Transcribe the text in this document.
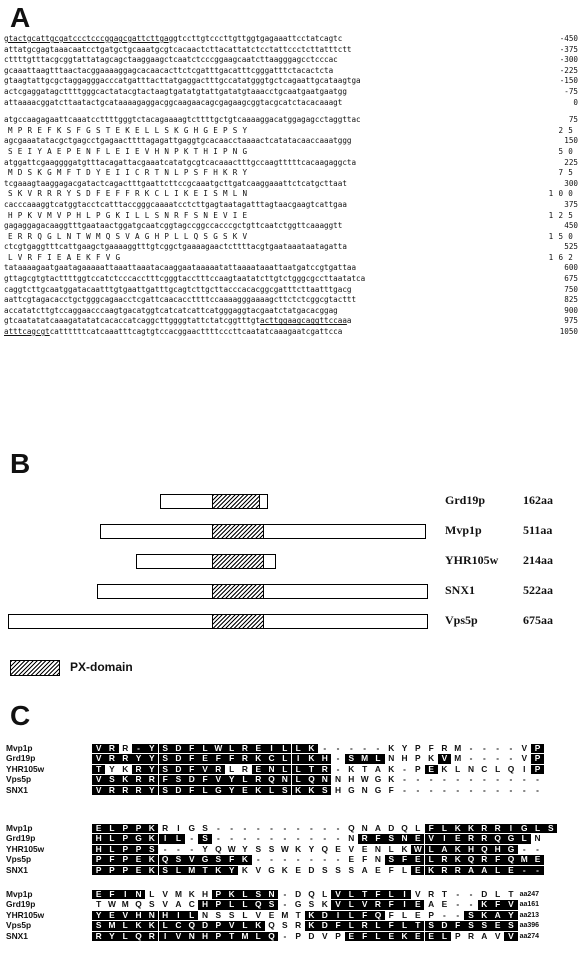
A
gtactgcattgcgatccctcccggagcgattcttgaggtccttgtcccttgttggtgagaaattcctatcagtc	-450
attatgcgagtaaacaatcctgatgctgcaaatgcgtcacaactcttacattatctcctattccctcttatttctt	-375
cttttgtttacgcggtattatagcagctaaggaagctcaatctcccggaagcaatcttaagggagcctcccac	-300
gcaaattaagtttaactacggaaaaggagcacaacacttctcgatttgacatttcgggatttctacactcta	-225
gtaagtattgcgctaggagggacccatgatttacttatgaggactttgccatatgggtgctcagaattgcataagtga	-150
actcgaggatagcttttgggcactatacgtactaagtgatatgtattgatatgtaaacctgcaatgaatgaatgg	-75
attaaaacggatcttaatactgcataaaagaggacggcaagaacagcgagaagcggtacgcatctacacaaagt	0
atgccaagagaattcaaatccttttgggtctacagaaaagtcttttgctgtcaaaaggacatggagagcctaggttac	75
MPREFKSFGSTEKELLSKGHGEPSY	25
agcgaaatatacgctgagcctgagaacttttagagattgaggtgcacaacctaaaactcatatacaaccaaatggg	150
SEIYAEPENFLEIEVHNPKTHIPNG	50
atggattcgaaggggatgtttacagattacgaaatcatatgcgtcacaaactttgccaagtttttcacaagaggcta	225
MDSKGMFTDYEIICRTNLPSFHKRY	75
tcgaaagtaaggagacgatactcagactttgaattcttccgcaaatgcttgatcaaggaaattctcatgcttaat	300
SKVRRRYSDFEFFRKCLIKEISMLN	100
cacccaaaggtcatggtacctcatttaccgggcaaaatcctcttgagtaatagatttagtaacgaagtcattgaa	375
HPKVMVPHLPGKILLSNRFSNEVIE	125
gagaggagacaaggtttgaataactggatgcaatcggtagccggccacccgctgttcaatctggttcaaaggtt	450
ERRQGLNTWMQSVAGHPLLQSGSKV	150
ctcgtgaggtttcattgaagctgaaaaggtttgtcggctgaaaagaactcttttacgtgaataaataatagatta	525
LVRFIEAEKFVG	162
tataaaagaatgaatagaaaaattaaattaaatacaaggaataaaaatattaaaataaattaatgatccgtgattaa	600
gttagcgtgtacttttggtccatctcccacctttcgggtacctttccaagtaatatcttgtctgggcgccttaatatca	675
caggtcttgcaatggatacaatttgtgaattgatttgcagtcttgcttacccacacggcgatttcttaatttgacg	750
aattcgtagacacctgctgggcagaacctcgattcaacaccttttccaaaagggaaaagcttctctcggcgtacttt	825
accatatcttgtccaggaacccaagtgacatggtcatcatcattcatgggaggtacgaatctatgacacggag	900
gtcaatatatcaaagatatatcacaccatcaggcttggggtattctatcggtttgtacttggaagcaggttccaaa	975
atttcagcgtcattttttcatcaaatttcagtgtccacggaacttttcccttcaatatcaaagaatcgattcca	1050
B
PX-domain
C
Grd19p	162aa
Mvp1p	511aa
YHR105w 214aa
SNX1	522aa
Vps5p	675aa
Mvp1p	V R R	-	Y S D F L W L R E	I	L L K	-	-	-	-	-	K Y P F R M	-	-	-	-	V P
Grd19p	V R R Y Y S D F E F F R K C L	I	K H	-	S M L N H P K V M	-	-	-	-	V P
YHR105w	T Y K R Y S D F V R L R E N L L T R	-	K T A K	-	P E K L N C L Q	I	P
Vps5p	V S K R R F S D F V Y L R Q N L Q N N H W G K	-	-	-	-	-	-	-	-	-	-	-
SNX1	V R R R Y S D F L G Y E K L S K K S H G N G F	-	-	-	-	-	-	-	-	-	-	-
Mvp1p	E L P P K R	I	G S	-	-	-	-	-	-	-	-	-	-	Q N A D Q L F L K K R R	I	G L S
Grd19p	H L P G K	I	L	-	S	-	-	-	-	-	-	-	-	-	-	N R F S N E V	I	E R R Q G L N
YHR105w	H L P P S	-	-	-	Y Q W Y S S W K Y Q E V E N L K W L A K H Q H G	-	-
Vps5p	P F P E K Q S V G S F K	-	-	-	-	-	-	-	E F N S F E L R K Q R F Q M E
SNX1	P P P E K S L M T K Y K V G K E D S S S A E F L E K R R A A L E	-	-
Mvp1p	E F	I	N L V M K H P K L S N	-	D Q L V L T F L	I	V R T	-	-	D L T aa247
Grd19p	T W M Q S V A C H P L L Q S	-	G S K V L V R F	I	E A E	-	-	K F V aa161
YHR105w	Y E V H N H	I	L N S S L V E M T K D	I	L F Q F L E P	-	-	S K A Y aa213
Vps5p	S M L K K L C Q D P V L K Q S R K D F L R L F L T S D F S S E S aa396
SNX1	R Y L Q R	I	V N H P T M L Q	-	P D V P E F L E K E E L P R A V V aa274
